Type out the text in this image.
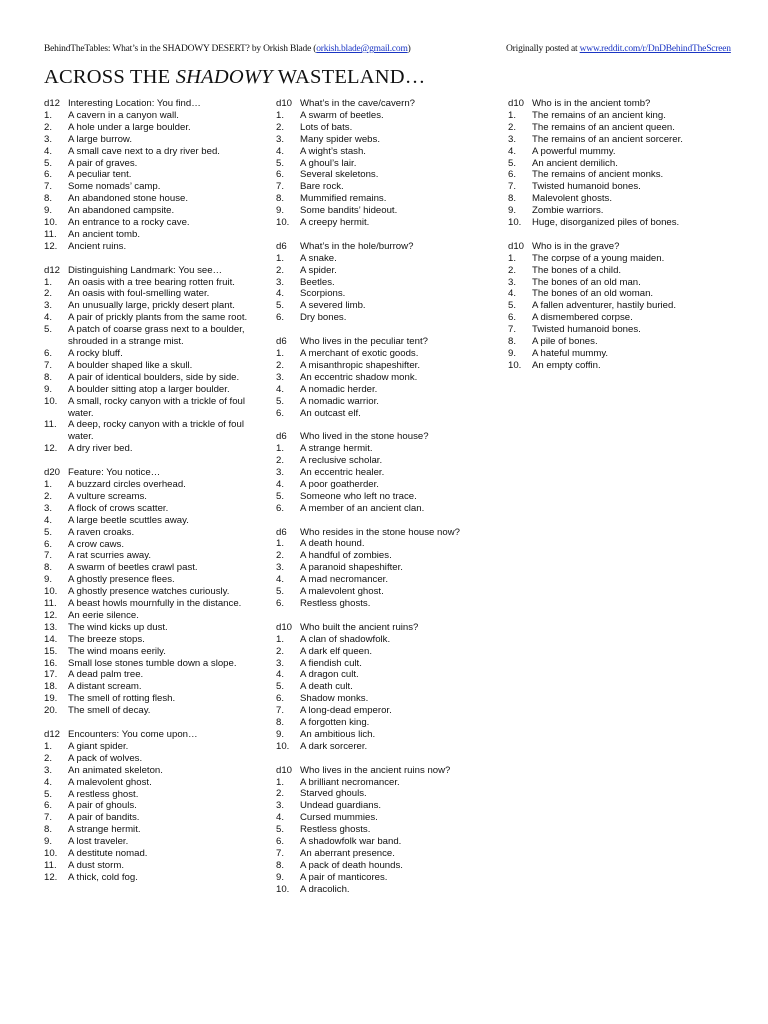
BehindTheTables: What’s in the SHADOWY DESERT? by Orkish Blade (orkish.blade@gmail.com)	Originally posted at www.reddit.com/r/DnDBehindTheScreen
ACROSS THE SHADOWY WASTELAND…
d12 Interesting Location: You find…
1.	A cavern in a canyon wall.
2.	A hole under a large boulder.
3.	A large burrow.
4.	A small cave next to a dry river bed.
5.	A pair of graves.
6.	A peculiar tent.
7.	Some nomads’ camp.
8.	An abandoned stone house.
9.	An abandoned campsite.
10.	An entrance to a rocky cave.
11.	An ancient tomb.
12.	Ancient ruins.
d12 Distinguishing Landmark: You see…
1.	An oasis with a tree bearing rotten fruit.
2.	An oasis with foul-smelling water.
3.	An unusually large, prickly desert plant.
4.	A pair of prickly plants from the same root.
5.	A patch of coarse grass next to a boulder, shrouded in a strange mist.
6.	A rocky bluff.
7.	A boulder shaped like a skull.
8.	A pair of identical boulders, side by side.
9.	A boulder sitting atop a larger boulder.
10.	A small, rocky canyon with a trickle of foul water.
11.	A deep, rocky canyon with a trickle of foul water.
12.	A dry river bed.
d20 Feature: You notice…
1.	A buzzard circles overhead.
2.	A vulture screams.
3.	A flock of crows scatter.
4.	A large beetle scuttles away.
5.	A raven croaks.
6.	A crow caws.
7.	A rat scurries away.
8.	A swarm of beetles crawl past.
9.	A ghostly presence flees.
10.	A ghostly presence watches curiously.
11.	A beast howls mournfully in the distance.
12.	An eerie silence.
13.	The wind kicks up dust.
14.	The breeze stops.
15.	The wind moans eerily.
16.	Small lose stones tumble down a slope.
17.	A dead palm tree.
18.	A distant scream.
19.	The smell of rotting flesh.
20.	The smell of decay.
d12 Encounters: You come upon…
1.	A giant spider.
2.	A pack of wolves.
3.	An animated skeleton.
4.	A malevolent ghost.
5.	A restless ghost.
6.	A pair of ghouls.
7.	A pair of bandits.
8.	A strange hermit.
9.	A lost traveler.
10.	A destitute nomad.
11.	A dust storm.
12.	A thick, cold fog.
d10 What’s in the cave/cavern?
1.	A swarm of beetles.
2.	Lots of bats.
3.	Many spider webs.
4.	A wight’s stash.
5.	A ghoul’s lair.
6.	Several skeletons.
7.	Bare rock.
8.	Mummified remains.
9.	Some bandits’ hideout.
10.	A creepy hermit.
d6	What’s in the hole/burrow?
1.	A snake.
2.	A spider.
3.	Beetles.
4.	Scorpions.
5.	A severed limb.
6.	Dry bones.
d6	Who lives in the peculiar tent?
1.	A merchant of exotic goods.
2.	A misanthropic shapeshifter.
3.	An eccentric shadow monk.
4.	A nomadic herder.
5.	A nomadic warrior.
6.	An outcast elf.
d6	Who lived in the stone house?
1.	A strange hermit.
2.	A reclusive scholar.
3.	An eccentric healer.
4.	A poor goatherder.
5.	Someone who left no trace.
6.	A member of an ancient clan.
d6	Who resides in the stone house now?
1.	A death hound.
2.	A handful of zombies.
3.	A paranoid shapeshifter.
4.	A mad necromancer.
5.	A malevolent ghost.
6.	Restless ghosts.
d10 Who built the ancient ruins?
1.	A clan of shadowfolk.
2.	A dark elf queen.
3.	A fiendish cult.
4.	A dragon cult.
5.	A death cult.
6.	Shadow monks.
7.	A long-dead emperor.
8.	A forgotten king.
9.	An ambitious lich.
10.	A dark sorcerer.
d10 Who lives in the ancient ruins now?
1.	A brilliant necromancer.
2.	Starved ghouls.
3.	Undead guardians.
4.	Cursed mummies.
5.	Restless ghosts.
6.	A shadowfolk war band.
7.	An aberrant presence.
8.	A pack of death hounds.
9.	A pair of manticores.
10.	A dracolich.
d10 Who is in the ancient tomb?
1.	The remains of an ancient king.
2.	The remains of an ancient queen.
3.	The remains of an ancient sorcerer.
4.	A powerful mummy.
5.	An ancient demilich.
6.	The remains of ancient monks.
7.	Twisted humanoid bones.
8.	Malevolent ghosts.
9.	Zombie warriors.
10.	Huge, disorganized piles of bones.
d10 Who is in the grave?
1.	The corpse of a young maiden.
2.	The bones of a child.
3.	The bones of an old man.
4.	The bones of an old woman.
5.	A fallen adventurer, hastily buried.
6.	A dismembered corpse.
7.	Twisted humanoid bones.
8.	A pile of bones.
9.	A hateful mummy.
10.	An empty coffin.
